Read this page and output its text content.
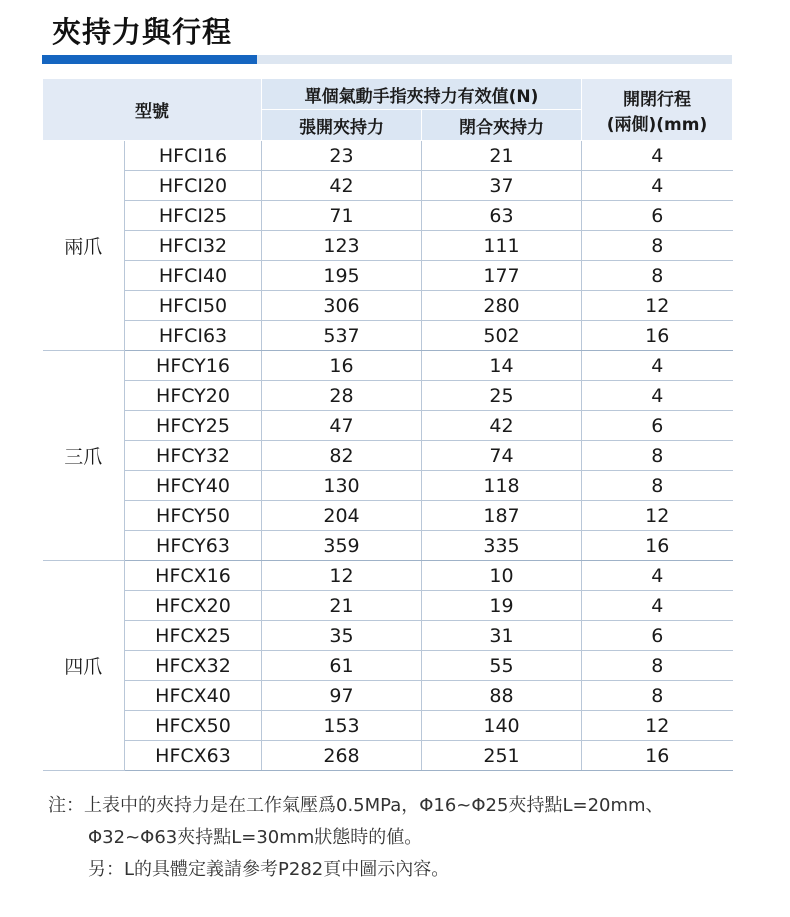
夾持力與行程
型號		單個氣動手指夾持力有效值(N)		開閉行程
(兩側)(mm)

		張開夾持力	閉合夾持力	
兩爪	HFCI16	23	21	4
	HFCI20	42	37	4
	HFCI25	71	63	6
	HFCI32	123	111	8
	HFCI40	195	177	8
	HFCI50	306	280	12
	HFCI63	537	502	16
三爪	HFCY16	16	14	4
	HFCY20	28	25	4
	HFCY25	47	42	6
	HFCY32	82	74	8
	HFCY40	130	118	8
	HFCY50	204	187	12
	HFCY63	359	335	16
四爪	HFCX16	12	10	4
	HFCX20	21	19	4
	HFCX25	35	31	6
	HFCX32	61	55	8
	HFCX40	97	88	8
	HFCX50	153	140	12
	HFCX63	268	251	16
注：上表中的夾持力是在工作氣壓爲0.5MPa，Φ16~Φ25夾持點L=20mm、
Φ32~Φ63夾持點L=30mm狀態時的値。
另：L的具體定義請參考P282頁中圖示內容。
